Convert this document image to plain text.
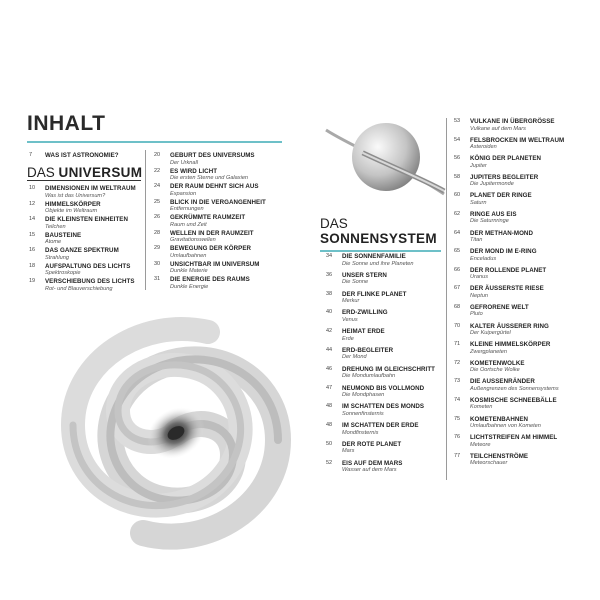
INHALT
7 WAS IST ASTRONOMIE?
DAS UNIVERSUM
10 DIMENSIONEN IM WELTRAUM
Was ist das Universum?
12 HIMMELSKÖRPER
Objekte im Weltraum
14 DIE KLEINSTEN EINHEITEN
Teilchen
15 BAUSTEINE
Atome
16 DAS GANZE SPEKTRUM
Strahlung
18 AUFSPALTUNG DES LICHTS
Spektroskopie
19 VERSCHIEBUNG DES LICHTS
Rot- und Blauverschiebung
20 GEBURT DES UNIVERSUMS
Der Urknall
22 ES WIRD LICHT
Die ersten Sterne und Galaxien
24 DER RAUM DEHNT SICH AUS
Expansion
25 BLICK IN DIE VERGANGENHEIT
Entfernungen
26 GEKRÜMMTE RAUMZEIT
Raum und Zeit
28 WELLEN IN DER RAUMZEIT
Gravitationswellen
29 BEWEGUNG DER KÖRPER
Umlaufbahnen
30 UNSICHTBAR IM UNIVERSUM
Dunkle Materie
31 DIE ENERGIE DES RAUMS
Dunkle Energie
DAS
SONNENSYSTEM
34 DIE SONNENFAMILIE
Die Sonne und ihre Planeten
36 UNSER STERN
Die Sonne
38 DER FLINKE PLANET
Merkur
40 ERD-ZWILLING
Venus
42 HEIMAT ERDE
Erde
44 ERD-BEGLEITER
Der Mond
46 DREHUNG IM GLEICHSCHRITT
Die Mondumlaufbahn
47 NEUMOND BIS VOLLMOND
Die Mondphasen
48 IM SCHATTEN DES MONDS
Sonnenfinsternis
48 IM SCHATTEN DER ERDE
Mondfinsternis
50 DER ROTE PLANET
Mars
52 EIS AUF DEM MARS
Wasser auf dem Mars
53 VULKANE IN ÜBERGRÖSSE
Vulkane auf dem Mars
54 FELSBROCKEN IM WELTRAUM
Asteroiden
56 KÖNIG DER PLANETEN
Jupiter
58 JUPITERS BEGLEITER
Die Jupitermonde
60 PLANET DER RINGE
Saturn
62 RINGE AUS EIS
Die Saturnringe
64 DER METHAN-MOND
Titan
65 DER MOND IM E-RING
Enceladus
66 DER ROLLENDE PLANET
Uranus
67 DER ÄUSSERSTE RIESE
Neptun
68 GEFRORENE WELT
Pluto
70 KALTER ÄUSSERER RING
Der Kuipergürtel
71 KLEINE HIMMELSKÖRPER
Zwergplaneten
72 KOMETENWOLKE
Die Oortsche Wolke
73 DIE AUSSENRÄNDER
Außengrenzen des Sonnensystems
74 KOSMISCHE SCHNEEBÄLLE
Kometen
75 KOMETENBAHNEN
Umlaufbahnen von Kometen
76 LICHTSTREIFEN AM HIMMEL
Meteore
77 TEILCHENSTRÖME
Meteorschauer
